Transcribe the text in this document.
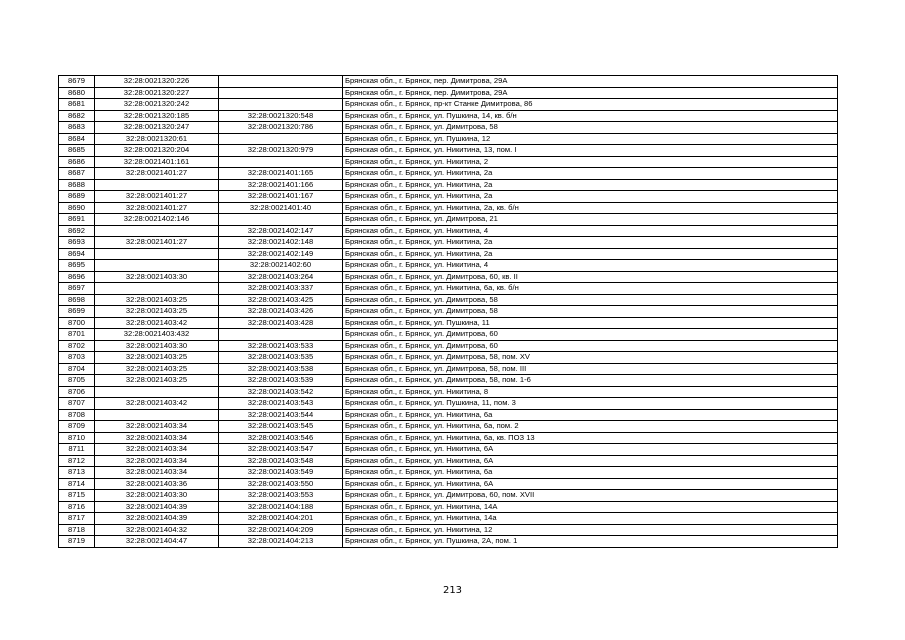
8679	32:28:0021320:226		Брянская обл., г. Брянск, пер. Димитрова, 29А
8680	32:28:0021320:227		Брянская обл., г. Брянск, пер. Димитрова, 29А
8681	32:28:0021320:242		Брянская обл., г. Брянск, пр-кт Станке Димитрова, 86
8682	32:28:0021320:185	32:28:0021320:548	Брянская обл., г. Брянск, ул. Пушкина, 14, кв. б/н
8683	32:28:0021320:247	32:28:0021320:786	Брянская обл., г. Брянск, ул. Димитрова, 58
8684	32:28:0021320:61		Брянская обл., г. Брянск, ул. Пушкина, 12
8685	32:28:0021320:204	32:28:0021320:979	Брянская обл., г. Брянск, ул. Никитина, 13, пом. I
8686	32:28:0021401:161		Брянская обл., г. Брянск, ул. Никитина, 2
8687	32:28:0021401:27	32:28:0021401:165	Брянская обл., г. Брянск, ул. Никитина, 2а
8688		32:28:0021401:166	Брянская обл., г. Брянск, ул. Никитина, 2а
8689	32:28:0021401:27	32:28:0021401:167	Брянская обл., г. Брянск, ул. Никитина, 2а
8690	32:28:0021401:27	32:28:0021401:40	Брянская обл., г. Брянск, ул. Никитина, 2а, кв. б/н
8691	32:28:0021402:146		Брянская обл., г. Брянск, ул. Димитрова, 21
8692		32:28:0021402:147	Брянская обл., г. Брянск, ул. Никитина, 4
8693	32:28:0021401:27	32:28:0021402:148	Брянская обл., г. Брянск, ул. Никитина, 2а
8694		32:28:0021402:149	Брянская обл., г. Брянск, ул. Никитина, 2а
8695		32:28:0021402:60	Брянская обл., г. Брянск, ул. Никитина, 4
8696	32:28:0021403:30	32:28:0021403:264	Брянская обл., г. Брянск, ул. Димитрова, 60, кв. II
8697		32:28:0021403:337	Брянская обл., г. Брянск, ул. Никитина, 6а, кв. б/н
8698	32:28:0021403:25	32:28:0021403:425	Брянская обл., г. Брянск, ул. Димитрова, 58
8699	32:28:0021403:25	32:28:0021403:426	Брянская обл., г. Брянск, ул. Димитрова, 58
8700	32:28:0021403:42	32:28:0021403:428	Брянская обл., г. Брянск, ул. Пушкина, 11
8701	32:28:0021403:432		Брянская обл., г. Брянск, ул. Димитрова, 60
8702	32:28:0021403:30	32:28:0021403:533	Брянская обл., г. Брянск, ул. Димитрова, 60
8703	32:28:0021403:25	32:28:0021403:535	Брянская обл., г. Брянск, ул. Димитрова, 58, пом. XV
8704	32:28:0021403:25	32:28:0021403:538	Брянская обл., г. Брянск, ул. Димитрова, 58, пом. III
8705	32:28:0021403:25	32:28:0021403:539	Брянская обл., г. Брянск, ул. Димитрова, 58, пом. 1-6
8706		32:28:0021403:542	Брянская обл., г. Брянск, ул. Никитина, 8
8707	32:28:0021403:42	32:28:0021403:543	Брянская обл., г. Брянск, ул. Пушкина, 11, пом. 3
8708		32:28:0021403:544	Брянская обл., г. Брянск, ул. Никитина, 6а
8709	32:28:0021403:34	32:28:0021403:545	Брянская обл., г. Брянск, ул. Никитина, 6а, пом. 2
8710	32:28:0021403:34	32:28:0021403:546	Брянская обл., г. Брянск, ул. Никитина, 6а, кв. ПОЗ 13
8711	32:28:0021403:34	32:28:0021403:547	Брянская обл., г. Брянск, ул. Никитина, 6А
8712	32:28:0021403:34	32:28:0021403:548	Брянская обл., г. Брянск, ул. Никитина, 6А
8713	32:28:0021403:34	32:28:0021403:549	Брянская обл., г. Брянск, ул. Никитина, 6а
8714	32:28:0021403:36	32:28:0021403:550	Брянская обл., г. Брянск, ул. Никитина, 6А
8715	32:28:0021403:30	32:28:0021403:553	Брянская обл., г. Брянск, ул. Димитрова, 60, пом. XVII
8716	32:28:0021404:39	32:28:0021404:188	Брянская обл., г. Брянск, ул. Никитина, 14А
8717	32:28:0021404:39	32:28:0021404:201	Брянская обл., г. Брянск, ул. Никитина, 14а
8718	32:28:0021404:32	32:28:0021404:209	Брянская обл., г. Брянск, ул. Никитина, 12
8719	32:28:0021404:47	32:28:0021404:213	Брянская обл., г. Брянск, ул. Пушкина, 2А, пом. 1
213
